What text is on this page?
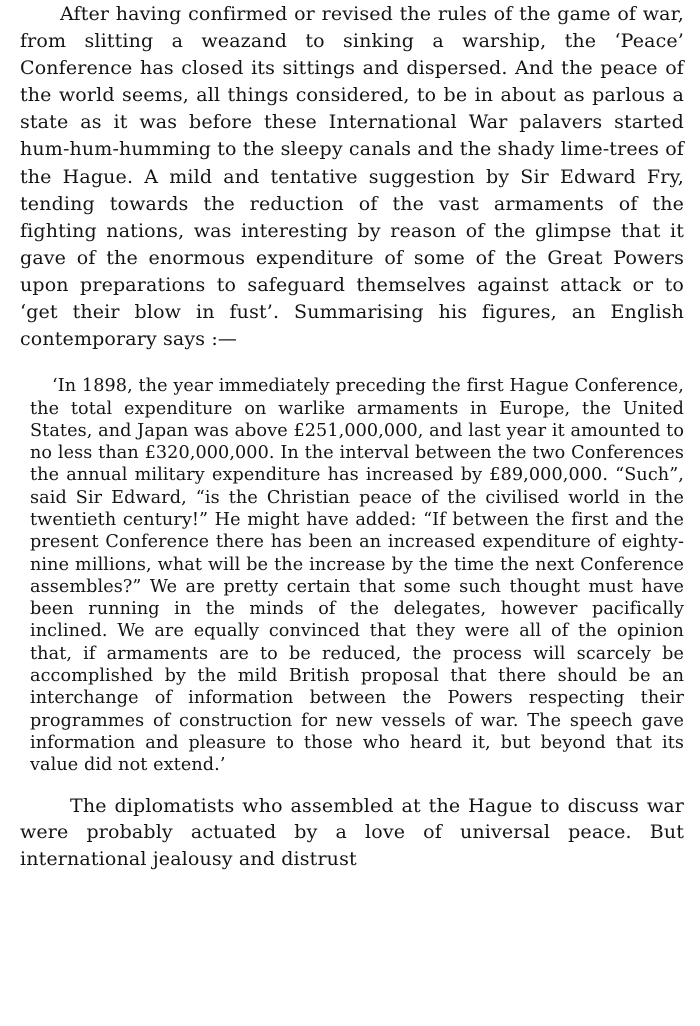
After having confirmed or revised the rules of the game of war, from slitting a weazand to sinking a warship, the ‘Peace’ Conference has closed its sittings and dispersed. And the peace of the world seems, all things considered, to be in about as parlous a state as it was before these International War palavers started hum-hum-humming to the sleepy canals and the shady lime-trees of the Hague. A mild and tentative suggestion by Sir Edward Fry, tending towards the reduction of the vast armaments of the fighting nations, was interesting by reason of the glimpse that it gave of the enormous expenditure of some of the Great Powers upon preparations to safeguard themselves against attack or to ‘get their blow in fust’. Summarising his figures, an English contemporary says :—

‘In 1898, the year immediately preceding the first Hague Conference, the total expenditure on warlike armaments in Europe, the United States, and Japan was above £251,000,000, and last year it amounted to no less than £320,000,000. In the interval between the two Conferences the annual military expenditure has increased by £89,000,000. “Such”, said Sir Edward, “is the Christian peace of the civilised world in the twentieth century!” He might have added: “If between the first and the present Conference there has been an increased expenditure of eighty-nine millions, what will be the increase by the time the next Conference assembles?” We are pretty certain that some such thought must have been running in the minds of the delegates, however pacifically inclined. We are equally convinced that they were all of the opinion that, if armaments are to be reduced, the process will scarcely be accomplished by the mild British proposal that there should be an interchange of information between the Powers respecting their programmes of construction for new vessels of war. The speech gave information and pleasure to those who heard it, but beyond that its value did not extend.’

The diplomatists who assembled at the Hague to discuss war were probably actuated by a love of universal peace. But international jealousy and distrust
